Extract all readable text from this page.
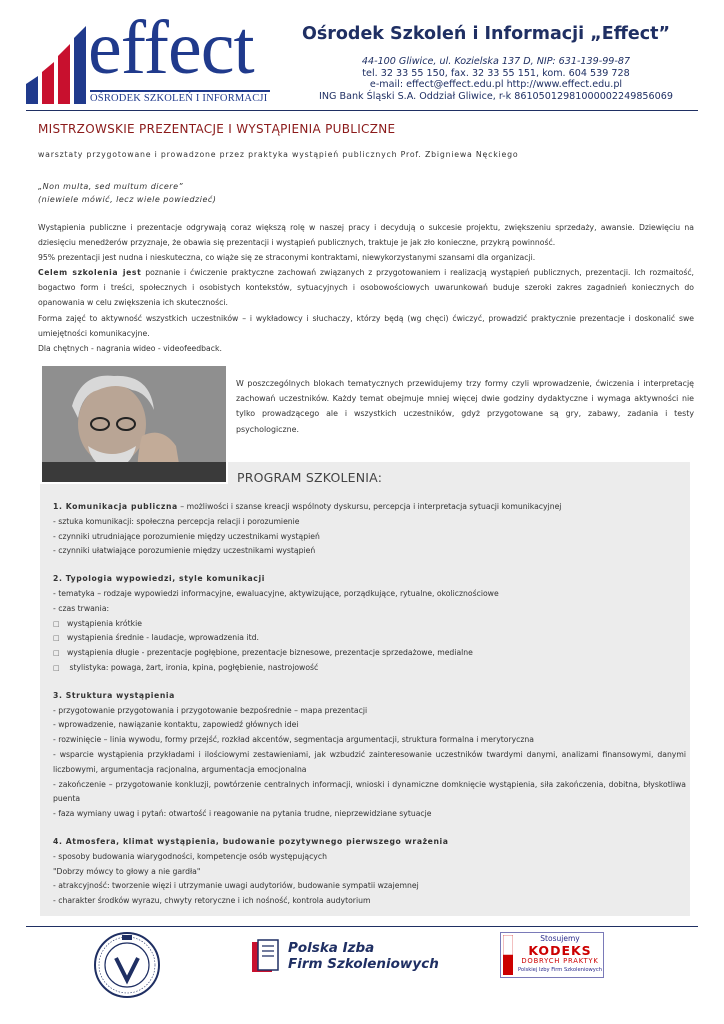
effect
OŚRODEK SZKOLEŃ I INFORMACJI
Ośrodek Szkoleń i Informacji „Effect”
44-100 Gliwice, ul. Kozielska 137 D, NIP: 631-139-99-87
tel. 32 33 55 150, fax. 32 33 55 151, kom. 604 539 728
e-mail: effect@effect.edu.pl http://www.effect.edu.pl
ING Bank Śląski S.A. Oddział Gliwice, r-k 86105012981000002249856069
MISTRZOWSKIE PREZENTACJE I WYSTĄPIENIA PUBLICZNE
warsztaty przygotowane i prowadzone przez praktyka wystąpień publicznych Prof. Zbigniewa Nęckiego
„Non multa, sed multum dicere”
(niewiele mówić, lecz wiele powiedzieć)

Wystąpienia publiczne i prezentacje odgrywają coraz większą rolę w naszej pracy i decydują o sukcesie projektu, zwiększeniu sprzedaży, awansie. Dziewięciu na dziesięciu menedżerów przyznaje, że obawia się prezentacji i wystąpień publicznych, traktuje je jak zło konieczne, przykrą powinność.

95% prezentacji jest nudna i nieskuteczna, co wiąże się ze straconymi kontraktami, niewykorzystanymi szansami dla organizacji.

Celem szkolenia jest poznanie i ćwiczenie praktyczne zachowań związanych z przygotowaniem i realizacją wystąpień publicznych, prezentacji. Ich rozmaitość, bogactwo form i treści, społecznych i osobistych kontekstów, sytuacyjnych i osobowościowych uwarunkowań buduje szeroki zakres zagadnień koniecznych do opanowania w celu zwiększenia ich skuteczności.

Forma zajęć to aktywność wszystkich uczestników – i wykładowcy i słuchaczy, którzy będą (wg chęci) ćwiczyć, prowadzić praktycznie prezentacje i doskonalić swe umiejętności komunikacyjne.

Dla chętnych - nagrania wideo - videofeedback.

W poszczególnych blokach tematycznych przewidujemy trzy formy czyli wprowadzenie, ćwiczenia i interpretację zachowań uczestników. Każdy temat obejmuje mniej więcej dwie godziny dydaktyczne i wymaga aktywności nie tylko prowadzącego ale i wszystkich uczestników, gdyż przygotowane są gry, zabawy, zadania i testy psychologiczne.
PROGRAM SZKOLENIA:
1. Komunikacja publiczna – możliwości i szanse kreacji wspólnoty dyskursu, percepcja i interpretacja sytuacji komunikacyjnej
- sztuka komunikacji: społeczna percepcja relacji i porozumienie
- czynniki utrudniające porozumienie między uczestnikami wystąpień
- czynniki ułatwiające porozumienie między uczestnikami wystąpień
2. Typologia wypowiedzi, style komunikacji
- tematyka – rodzaje wypowiedzi informacyjne, ewaluacyjne, aktywizujące, porządkujące, rytualne, okolicznościowe
- czas trwania:
□ wystąpienia krótkie
□ wystąpienia średnie - laudacje, wprowadzenia itd.
□ wystąpienia długie - prezentacje pogłębione, prezentacje biznesowe, prezentacje sprzedażowe, medialne
□ stylistyka: powaga, żart, ironia, kpina, pogłębienie, nastrojowość
3. Struktura wystąpienia
- przygotowanie przygotowania i przygotowanie bezpośrednie – mapa prezentacji
- wprowadzenie, nawiązanie kontaktu, zapowiedź głównych idei
- rozwinięcie – linia wywodu, formy przejść, rozkład akcentów, segmentacja argumentacji, struktura formalna i merytoryczna
- wsparcie wystąpienia przykładami i ilościowymi zestawieniami, jak wzbudzić zainteresowanie uczestników twardymi danymi, analizami finansowymi, danymi liczbowymi, argumentacja racjonalna, argumentacja emocjonalna
- zakończenie – przygotowanie konkluzji, powtórzenie centralnych informacji, wnioski i dynamiczne domknięcie wystąpienia, siła zakończenia, dobitna, błyskotliwa puenta
- faza wymiany uwag i pytań: otwartość i reagowanie na pytania trudne, nieprzewidziane sytuacje
4. Atmosfera, klimat wystąpienia, budowanie pozytywnego pierwszego wrażenia
- sposoby budowania wiarygodności, kompetencje osób występujących
"Dobrzy mówcy to głowy a nie gardła"
- atrakcyjność: tworzenie więzi i utrzymanie uwagi audytoriów, budowanie sympatii wzajemnej
- charakter środków wyrazu, chwyty retoryczne i ich nośność, kontrola audytorium
Polska Izba
Firm Szkoleniowych
Stosujemy
KODEKS
DOBRYCH PRAKTYK
Polskiej Izby Firm Szkoleniowych
